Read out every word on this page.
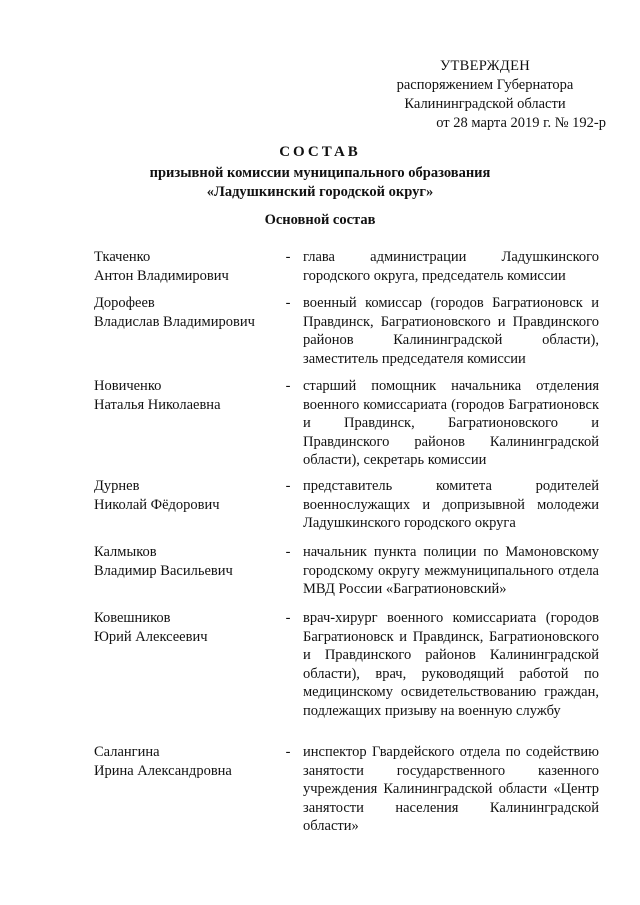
УТВЕРЖДЕН
распоряжением Губернатора
Калининградской области
от 28 марта 2019 г. № 192-р
СОСТАВ
призывной комиссии муниципального образования
«Ладушкинский городской округ»
Основной состав
Ткаченко
Антон Владимирович
- глава администрации Ладушкинского городского округа, председатель комиссии
Дорофеев
Владислав Владимирович
- военный комиссар (городов Багратионовск и Правдинск, Багратионовского и Правдинского районов Калининградской области), заместитель председателя комиссии
Новиченко
Наталья Николаевна
- старший помощник начальника отделения военного комиссариата (городов Багратионовск и Правдинск, Багратионовского и Правдинского районов Калининградской области), секретарь комиссии
Дурнев
Николай Фёдорович
- представитель комитета родителей военнослужащих и допризывной молодежи Ладушкинского городского округа
Калмыков
Владимир Васильевич
- начальник пункта полиции по Мамоновскому городскому округу межмуниципального отдела МВД России «Багратионовский»
Ковешников
Юрий Алексеевич
- врач-хирург военного комиссариата (городов Багратионовск и Правдинск, Багратионовского и Правдинского районов Калининградской области), врач, руководящий работой по медицинскому освидетельствованию граждан, подлежащих призыву на военную службу
Салангина
Ирина Александровна
- инспектор Гвардейского отдела по содействию занятости государственного казенного учреждения Калининградской области «Центр занятости населения Калининградской области»
